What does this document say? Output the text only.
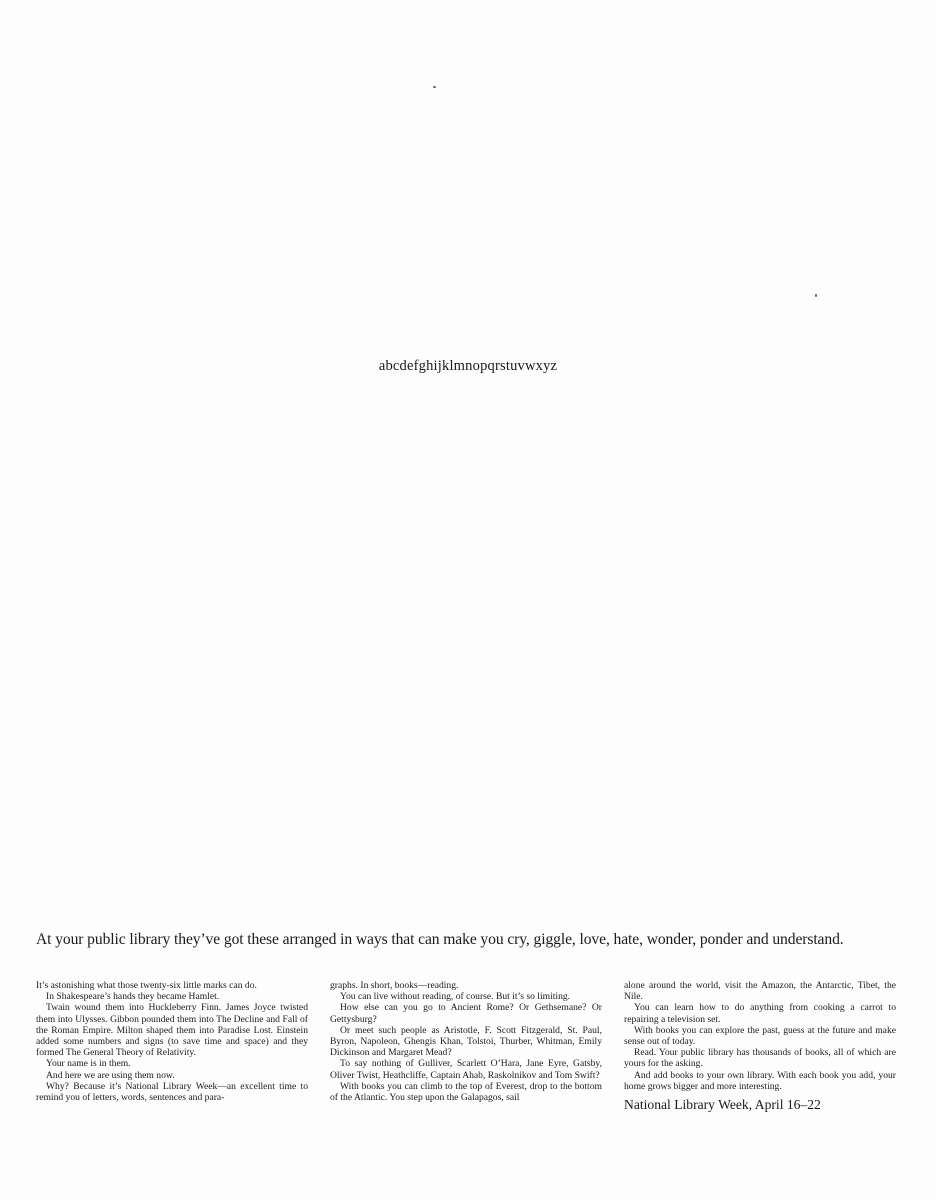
abcdefghijklmnopqrstuvwxyz
At your public library they’ve got these arranged in ways that can make you cry, giggle, love, hate, wonder, ponder and understand.

It’s astonishing what those twenty-six little marks can do.

In Shakespeare’s hands they became Hamlet.

Twain wound them into Huckleberry Finn. James Joyce twisted them into Ulysses. Gibbon pounded them into The Decline and Fall of the Roman Empire. Milton shaped them into Paradise Lost. Einstein added some numbers and signs (to save time and space) and they formed The General Theory of Relativity.

Your name is in them.

And here we are using them now.

Why? Because it’s National Library Week—an excellent time to remind you of letters, words, sentences and para-

graphs. In short, books—reading.

You can live without reading, of course. But it’s so limiting.

How else can you go to Ancient Rome? Or Gethsemane? Or Gettysburg?

Or meet such people as Aristotle, F. Scott Fitzgerald, St. Paul, Byron, Napoleon, Ghengis Khan, Tolstoi, Thurber, Whitman, Emily Dickinson and Margaret Mead?

To say nothing of Gulliver, Scarlett O’Hara, Jane Eyre, Gatsby, Oliver Twist, Heathcliffe, Captain Ahab, Raskolnikov and Tom Swift?

With books you can climb to the top of Everest, drop to the bottom of the Atlantic. You step upon the Galapagos, sail

alone around the world, visit the Amazon, the Antarctic, Tibet, the Nile.

You can learn how to do anything from cooking a carrot to repairing a television set.

With books you can explore the past, guess at the future and make sense out of today.

Read. Your public library has thousands of books, all of which are yours for the asking.

And add books to your own library. With each book you add, your home grows bigger and more interesting.

National Library Week, April 16–22
